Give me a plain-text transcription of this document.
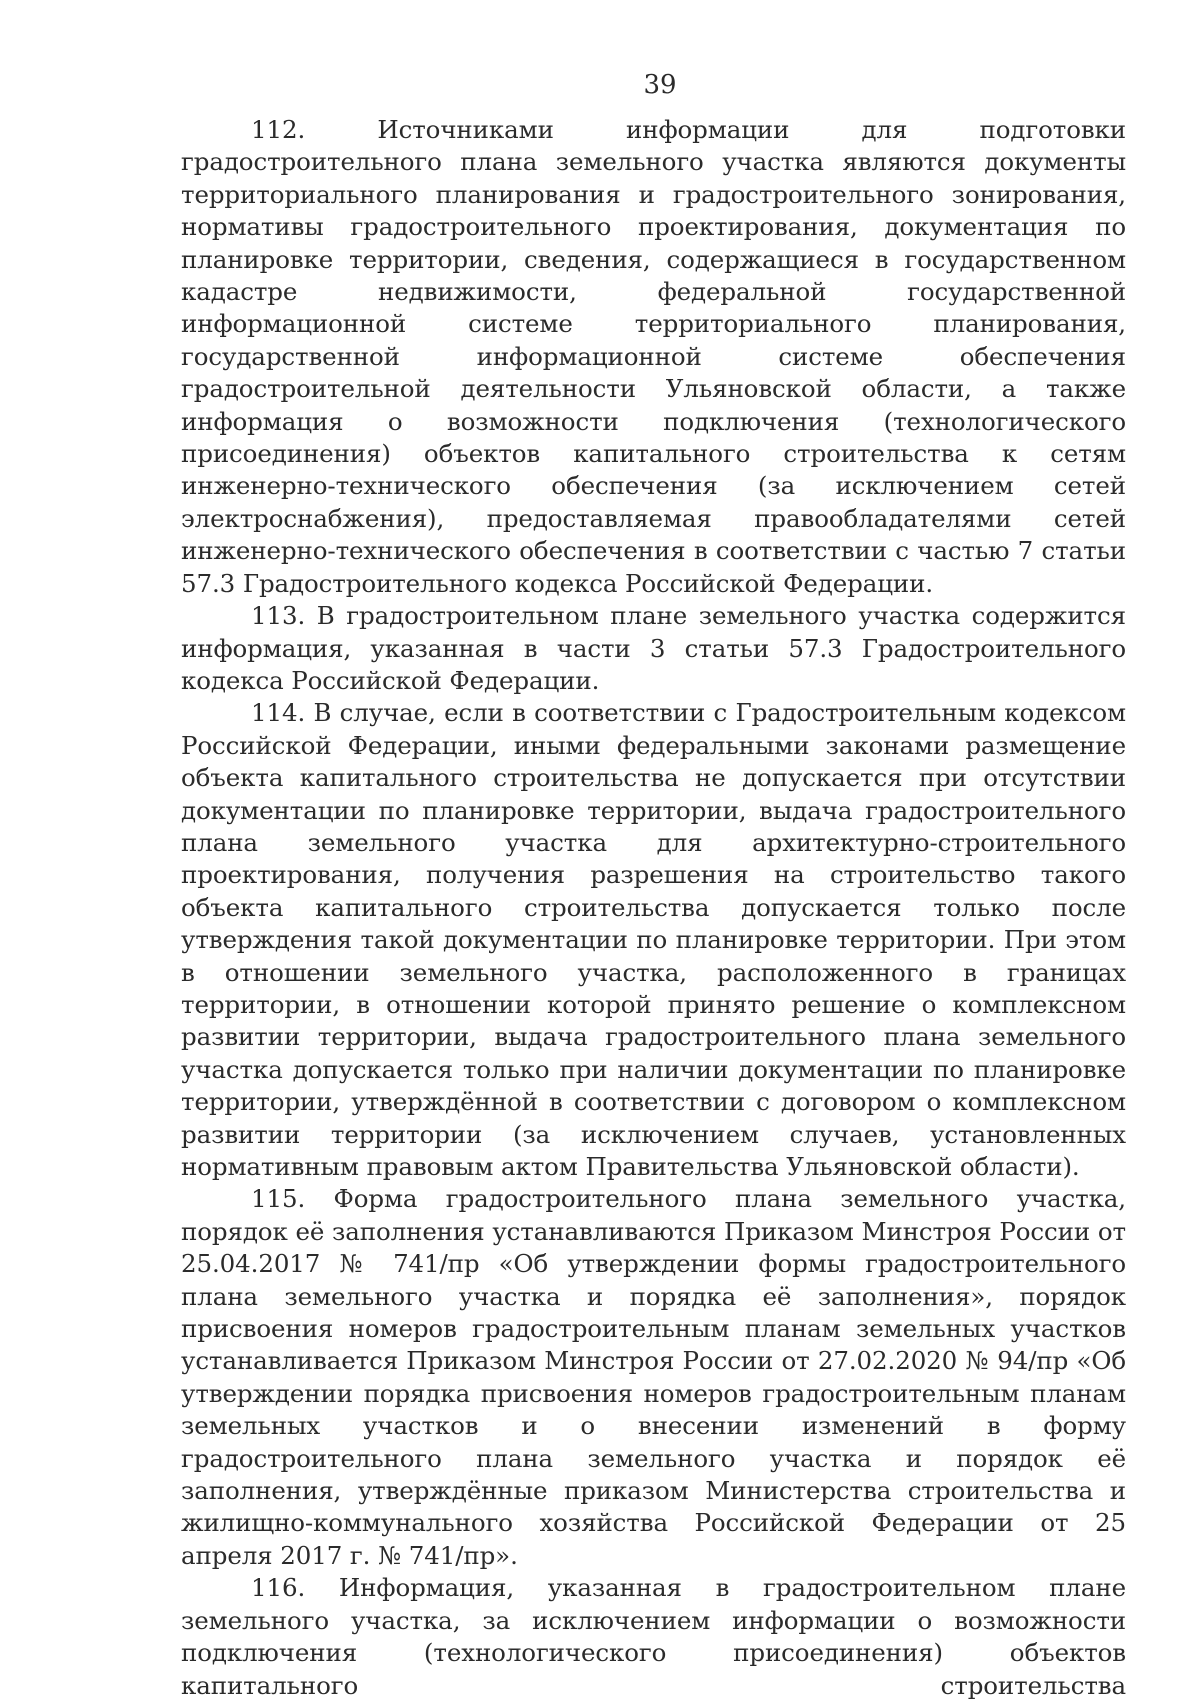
39

112. Источниками информации для подготовки градостроительного плана земельного участка являются документы территориального планирования и градостроительного зонирования, нормативы градостроительного проектирования, документация по планировке территории, сведения, содержащиеся в государственном кадастре недвижимости, федеральной государственной информационной системе территориального планирования, государственной информационной системе обеспечения градостроительной деятельности Ульяновской области, а также информация о возможности подключения (технологического присоединения) объектов капитального строительства к сетям инженерно-технического обеспечения (за исключением сетей электроснабжения), предоставляемая правообладателями сетей инженерно-технического обеспечения в соответствии с частью 7 статьи 57.3 Градостроительного кодекса Российской Федерации.

113. В градостроительном плане земельного участка содержится информация, указанная в части 3 статьи 57.3 Градостроительного кодекса Российской Федерации.

114. В случае, если в соответствии с Градостроительным кодексом Российской Федерации, иными федеральными законами размещение объекта капитального строительства не допускается при отсутствии документации по планировке территории, выдача градостроительного плана земельного участка для архитектурно-строительного проектирования, получения разрешения на строительство такого объекта капитального строительства допускается только после утверждения такой документации по планировке территории. При этом в отношении земельного участка, расположенного в границах территории, в отношении которой принято решение о комплексном развитии территории, выдача градостроительного плана земельного участка допускается только при наличии документации по планировке территории, утверждённой в соответствии с договором о комплексном развитии территории (за исключением случаев, установленных нормативным правовым актом Правительства Ульяновской области).

115. Форма градостроительного плана земельного участка, порядок её заполнения устанавливаются Приказом Минстроя России от 25.04.2017 № 741/пр «Об утверждении формы градостроительного плана земельного участка и порядка её заполнения», порядок присвоения номеров градостроительным планам земельных участков устанавливается Приказом Минстроя России от 27.02.2020 № 94/пр «Об утверждении порядка присвоения номеров градостроительным планам земельных участков и о внесении изменений в форму градостроительного плана земельного участка и порядок её заполнения, утверждённые приказом Министерства строительства и жилищно-коммунального хозяйства Российской Федерации от 25 апреля 2017 г. № 741/пр».

116. Информация, указанная в градостроительном плане земельного участка, за исключением информации о возможности подключения (технологического присоединения) объектов капитального строительства
